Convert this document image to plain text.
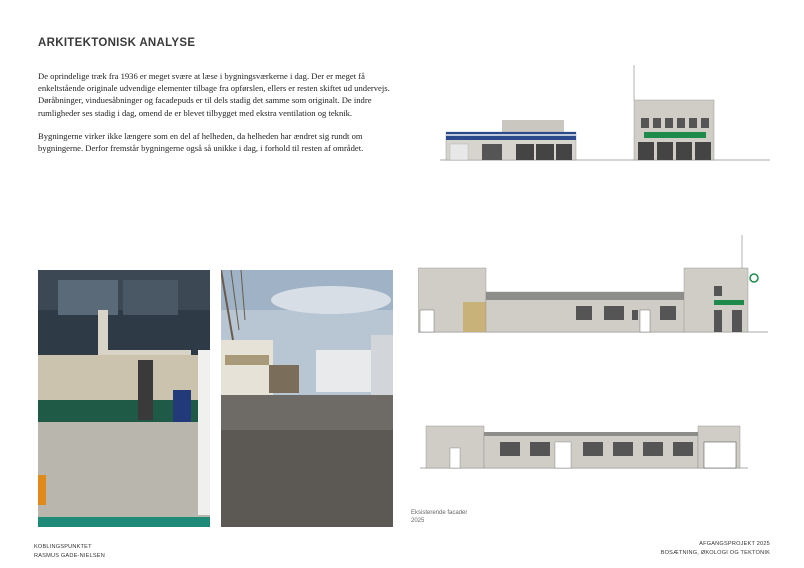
ARKITEKTONISK ANALYSE

De oprindelige træk fra 1936 er meget svære at læse i bygningsværkerne i dag. Der er meget få enkeltstående originale udvendige elementer tilbage fra opførslen, ellers er resten skiftet ud undervejs. Døråbninger, vinduesåbninger og facadepuds er til dels stadig det samme som originalt. De indre rumligheder ses stadig i dag, omend de er blevet tilbygget med ekstra ventilation og teknik.

Bygningerne virker ikke længere som en del af helheden, da helheden har ændret sig rundt om bygningerne. Derfor fremstår bygningerne også så unikke i dag, i forhold til resten af området.

Eksisterende facader
2025
KOBLINGSPUNKTET
RASMUS GADE-NIELSEN
AFGANGSPROJEKT 2025
BOSÆTNING, ØKOLOGI OG TEKTONIK
